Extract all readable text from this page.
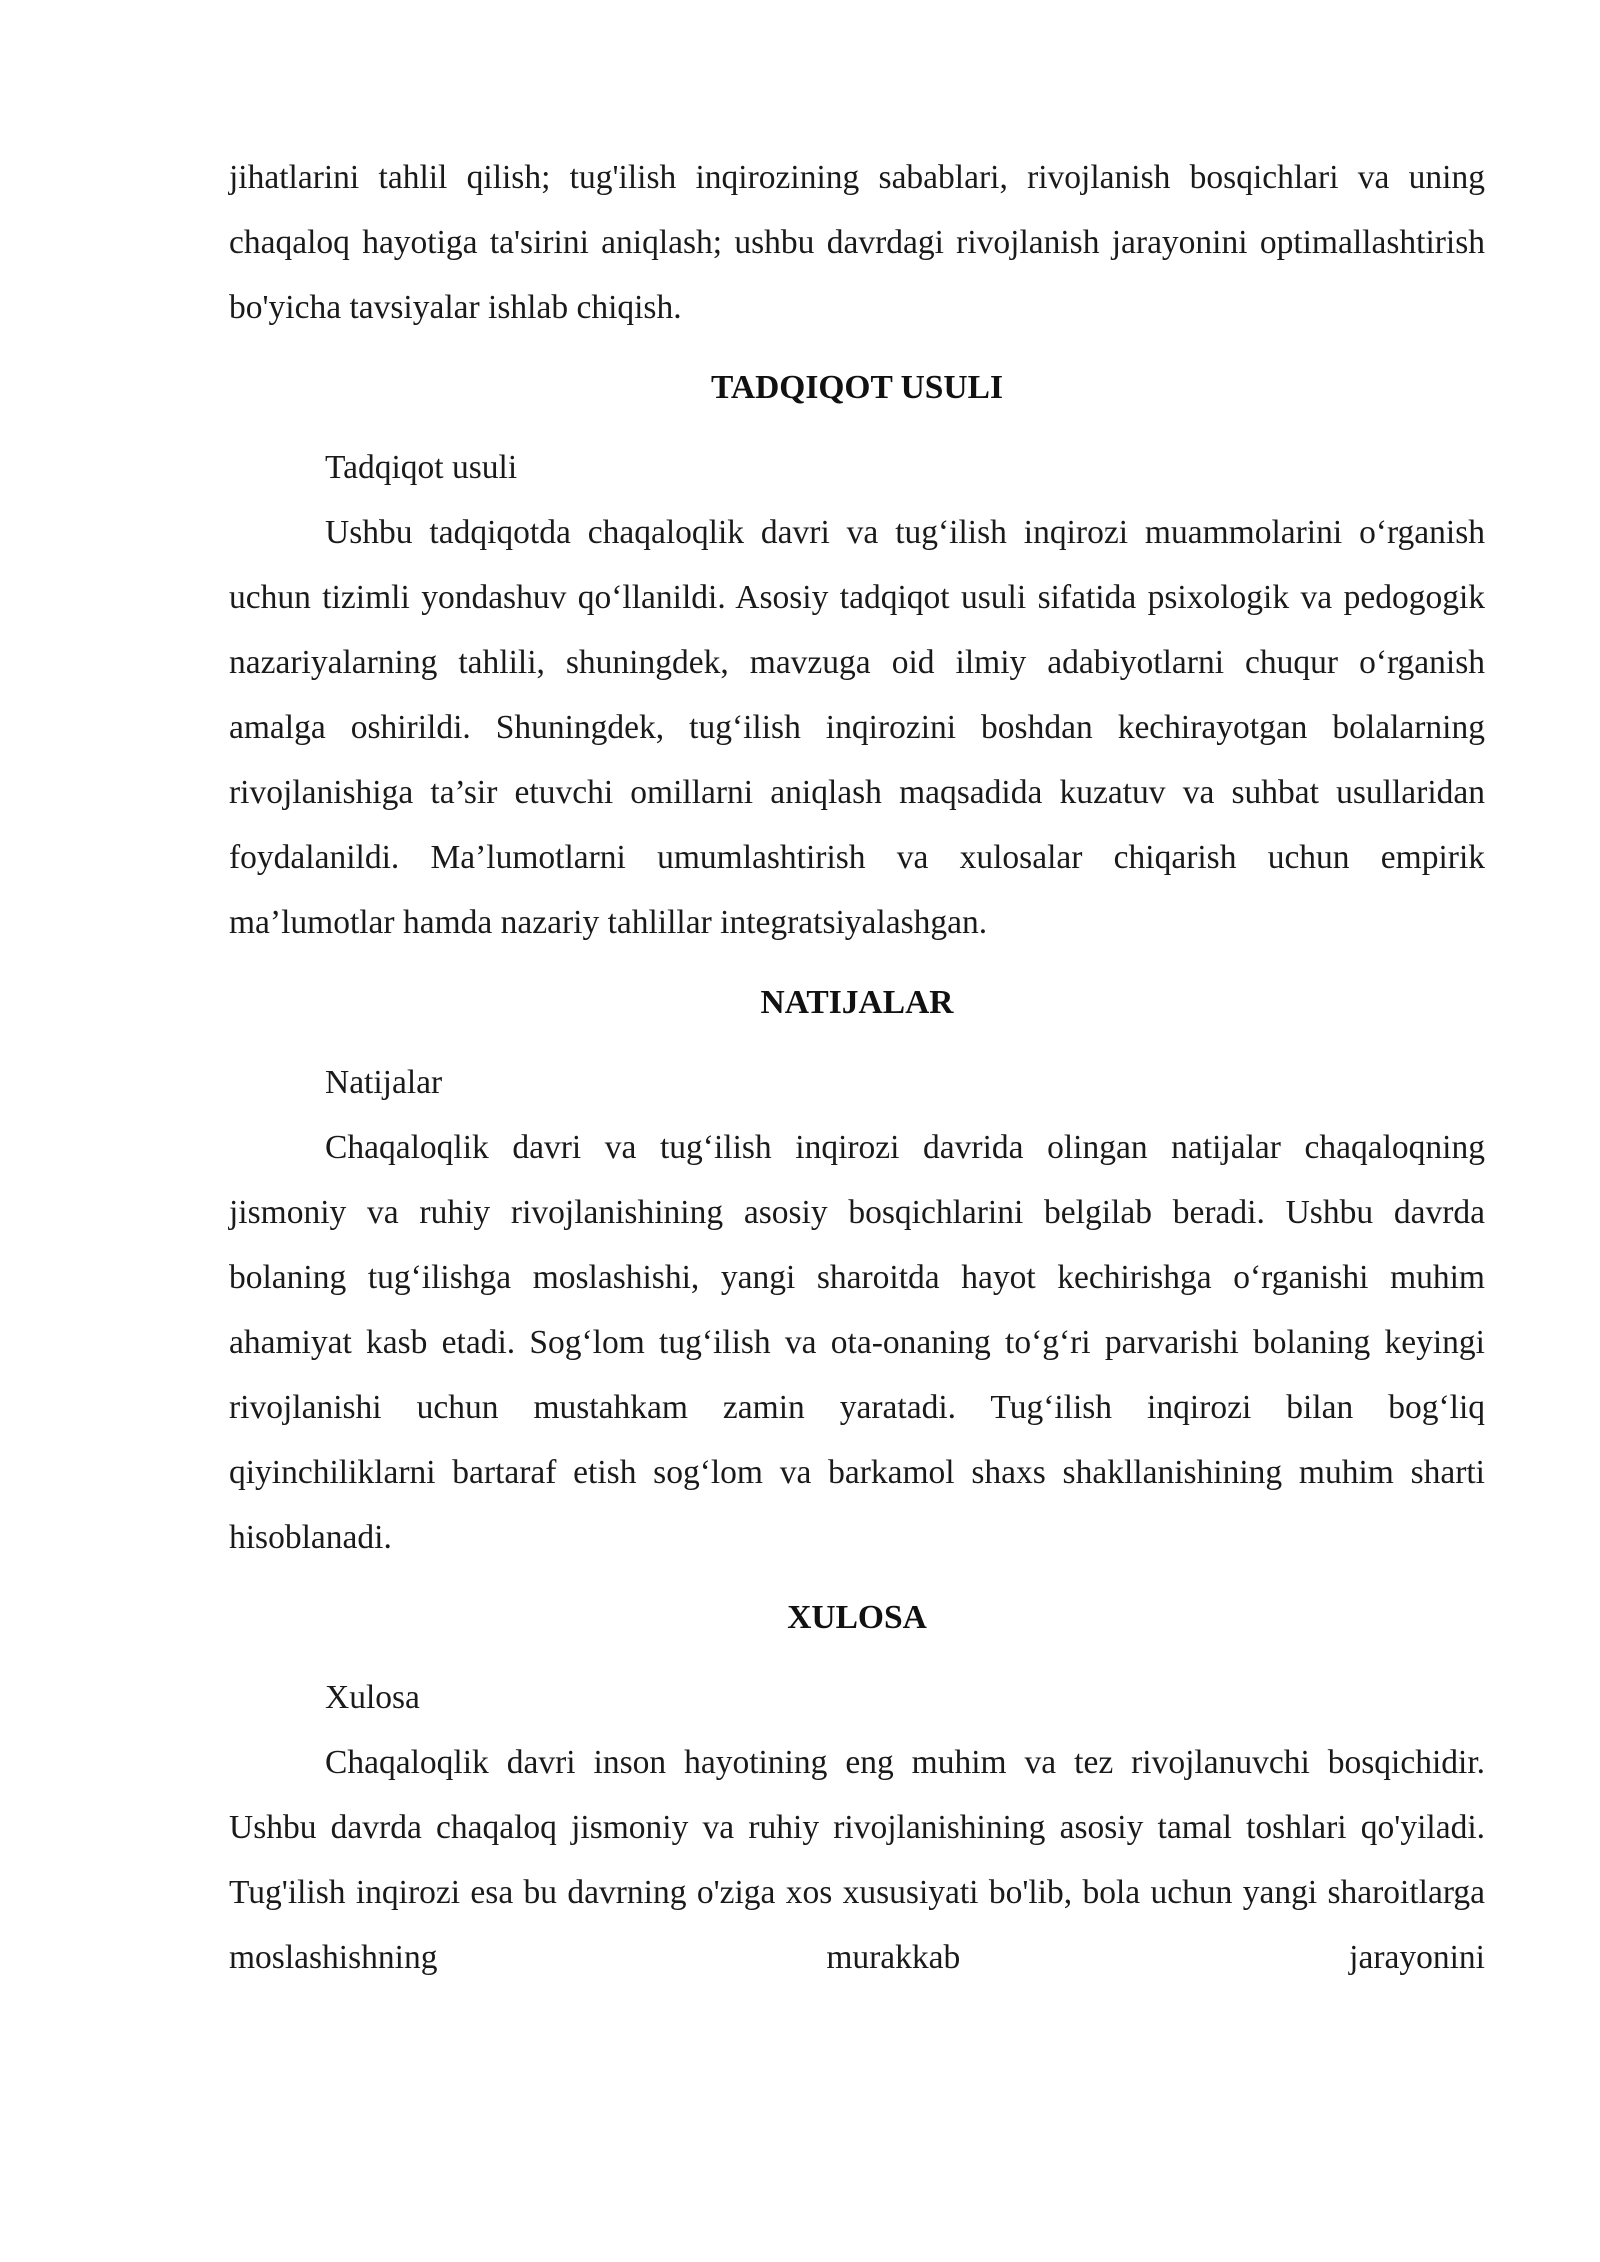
jihatlarini tahlil qilish; tug'ilish inqirozining sabablari, rivojlanish bosqichlari va uning chaqaloq hayotiga ta'sirini aniqlash; ushbu davrdagi rivojlanish jarayonini optimallashtirish bo'yicha tavsiyalar ishlab chiqish.

TADQIQOT USULI

Tadqiqot usuli

Ushbu tadqiqotda chaqaloqlik davri va tug‘ilish inqirozi muammolarini o‘rganish uchun tizimli yondashuv qo‘llanildi. Asosiy tadqiqot usuli sifatida psixologik va pedogogik nazariyalarning tahlili, shuningdek, mavzuga oid ilmiy adabiyotlarni chuqur o‘rganish amalga oshirildi. Shuningdek, tug‘ilish inqirozini boshdan kechirayotgan bolalarning rivojlanishiga ta’sir etuvchi omillarni aniqlash maqsadida kuzatuv va suhbat usullaridan foydalanildi. Ma’lumotlarni umumlashtirish va xulosalar chiqarish uchun empirik ma’lumotlar hamda nazariy tahlillar integratsiyalashgan.

NATIJALAR

Natijalar

Chaqaloqlik davri va tug‘ilish inqirozi davrida olingan natijalar chaqaloqning jismoniy va ruhiy rivojlanishining asosiy bosqichlarini belgilab beradi. Ushbu davrda bolaning tug‘ilishga moslashishi, yangi sharoitda hayot kechirishga o‘rganishi muhim ahamiyat kasb etadi. Sog‘lom tug‘ilish va ota-onaning to‘g‘ri parvarishi bolaning keyingi rivojlanishi uchun mustahkam zamin yaratadi. Tug‘ilish inqirozi bilan bog‘liq qiyinchiliklarni bartaraf etish sog‘lom va barkamol shaxs shakllanishining muhim sharti hisoblanadi.

XULOSA

Xulosa

Chaqaloqlik davri inson hayotining eng muhim va tez rivojlanuvchi bosqichidir. Ushbu davrda chaqaloq jismoniy va ruhiy rivojlanishining asosiy tamal toshlari qo'yiladi. Tug'ilish inqirozi esa bu davrning o'ziga xos xususiyati bo'lib, bola uchun yangi sharoitlarga moslashishning murakkab jarayonini
